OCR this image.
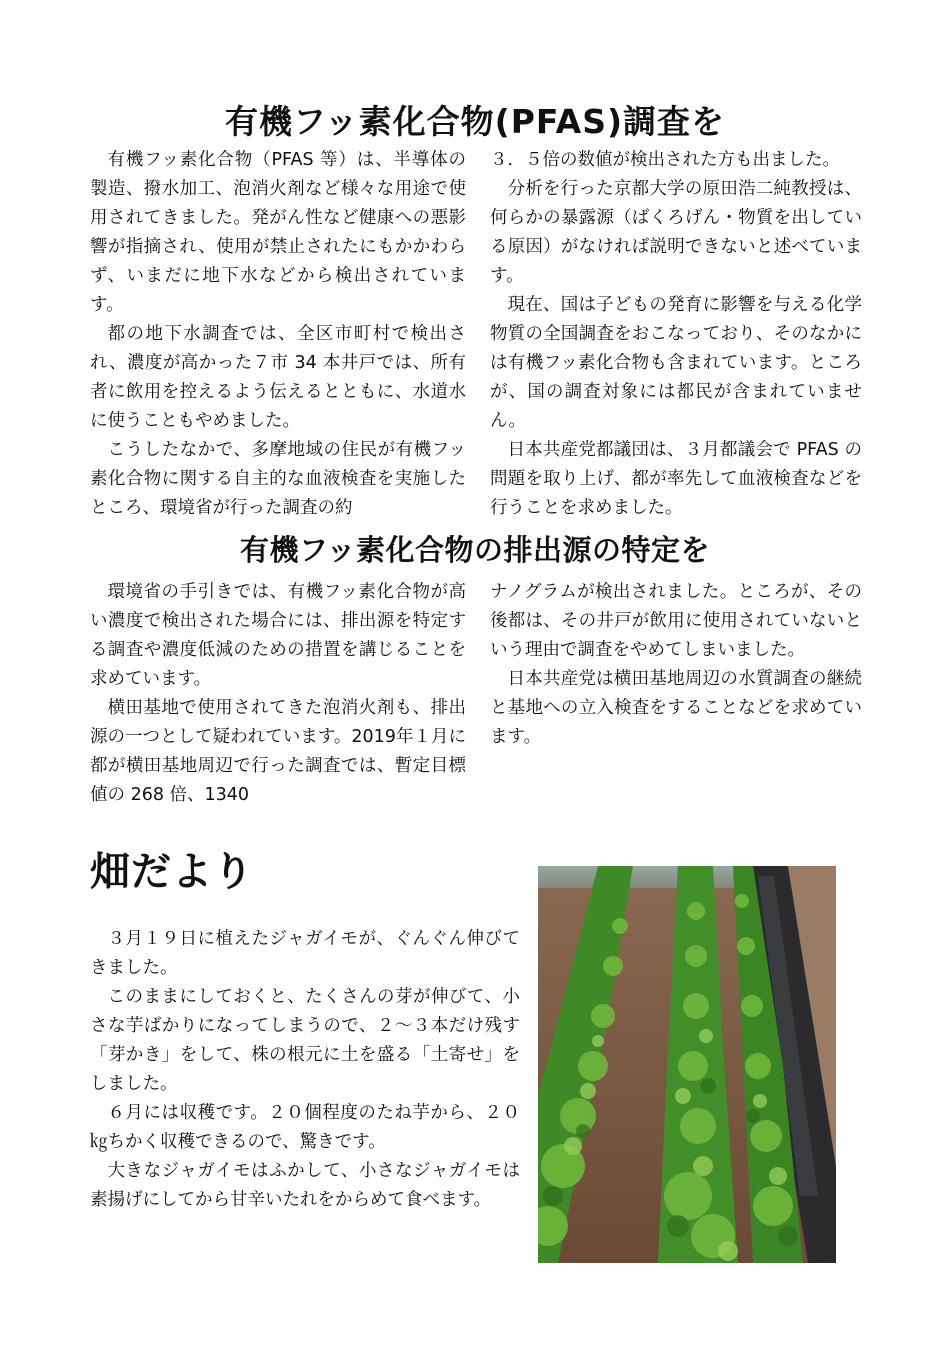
有機フッ素化合物(PFAS)調査を

有機フッ素化合物（PFAS 等）は、半導体の製造、撥水加工、泡消火剤など様々な用途で使用されてきました。発がん性など健康への悪影響が指摘され、使用が禁止されたにもかかわらず、いまだに地下水などから検出されています。

都の地下水調査では、全区市町村で検出され、濃度が高かった７市 34 本井戸では、所有者に飲用を控えるよう伝えるとともに、水道水に使うこともやめました。

こうしたなかで、多摩地域の住民が有機フッ素化合物に関する自主的な血液検査を実施したところ、環境省が行った調査の約

３．５倍の数値が検出された方も出ました。

分析を行った京都大学の原田浩二純教授は、何らかの暴露源（ばくろげん・物質を出している原因）がなければ説明できないと述べています。

現在、国は子どもの発育に影響を与える化学物質の全国調査をおこなっており、そのなかには有機フッ素化合物も含まれています。ところが、国の調査対象には都民が含まれていません。

日本共産党都議団は、３月都議会で PFAS の問題を取り上げ、都が率先して血液検査などを行うことを求めました。

有機フッ素化合物の排出源の特定を

環境省の手引きでは、有機フッ素化合物が高い濃度で検出された場合には、排出源を特定する調査や濃度低減のための措置を講じることを求めています。

横田基地で使用されてきた泡消火剤も、排出源の一つとして疑われています。2019年１月に都が横田基地周辺で行った調査では、暫定目標値の 268 倍、1340

ナノグラムが検出されました。ところが、その後都は、その井戸が飲用に使用されていないという理由で調査をやめてしまいました。

日本共産党は横田基地周辺の水質調査の継続と基地への立入検査をすることなどを求めています。

畑だより

３月１９日に植えたジャガイモが、ぐんぐん伸びてきました。

このままにしておくと、たくさんの芽が伸びて、小さな芋ばかりになってしまうので、２～３本だけ残す「芽かき」をして、株の根元に土を盛る「土寄せ」をしました。

６月には収穫です。２０個程度のたね芋から、２０㎏ちかく収穫できるので、驚きです。

大きなジャガイモはふかして、小さなジャガイモは素揚げにしてから甘辛いたれをからめて食べます。
